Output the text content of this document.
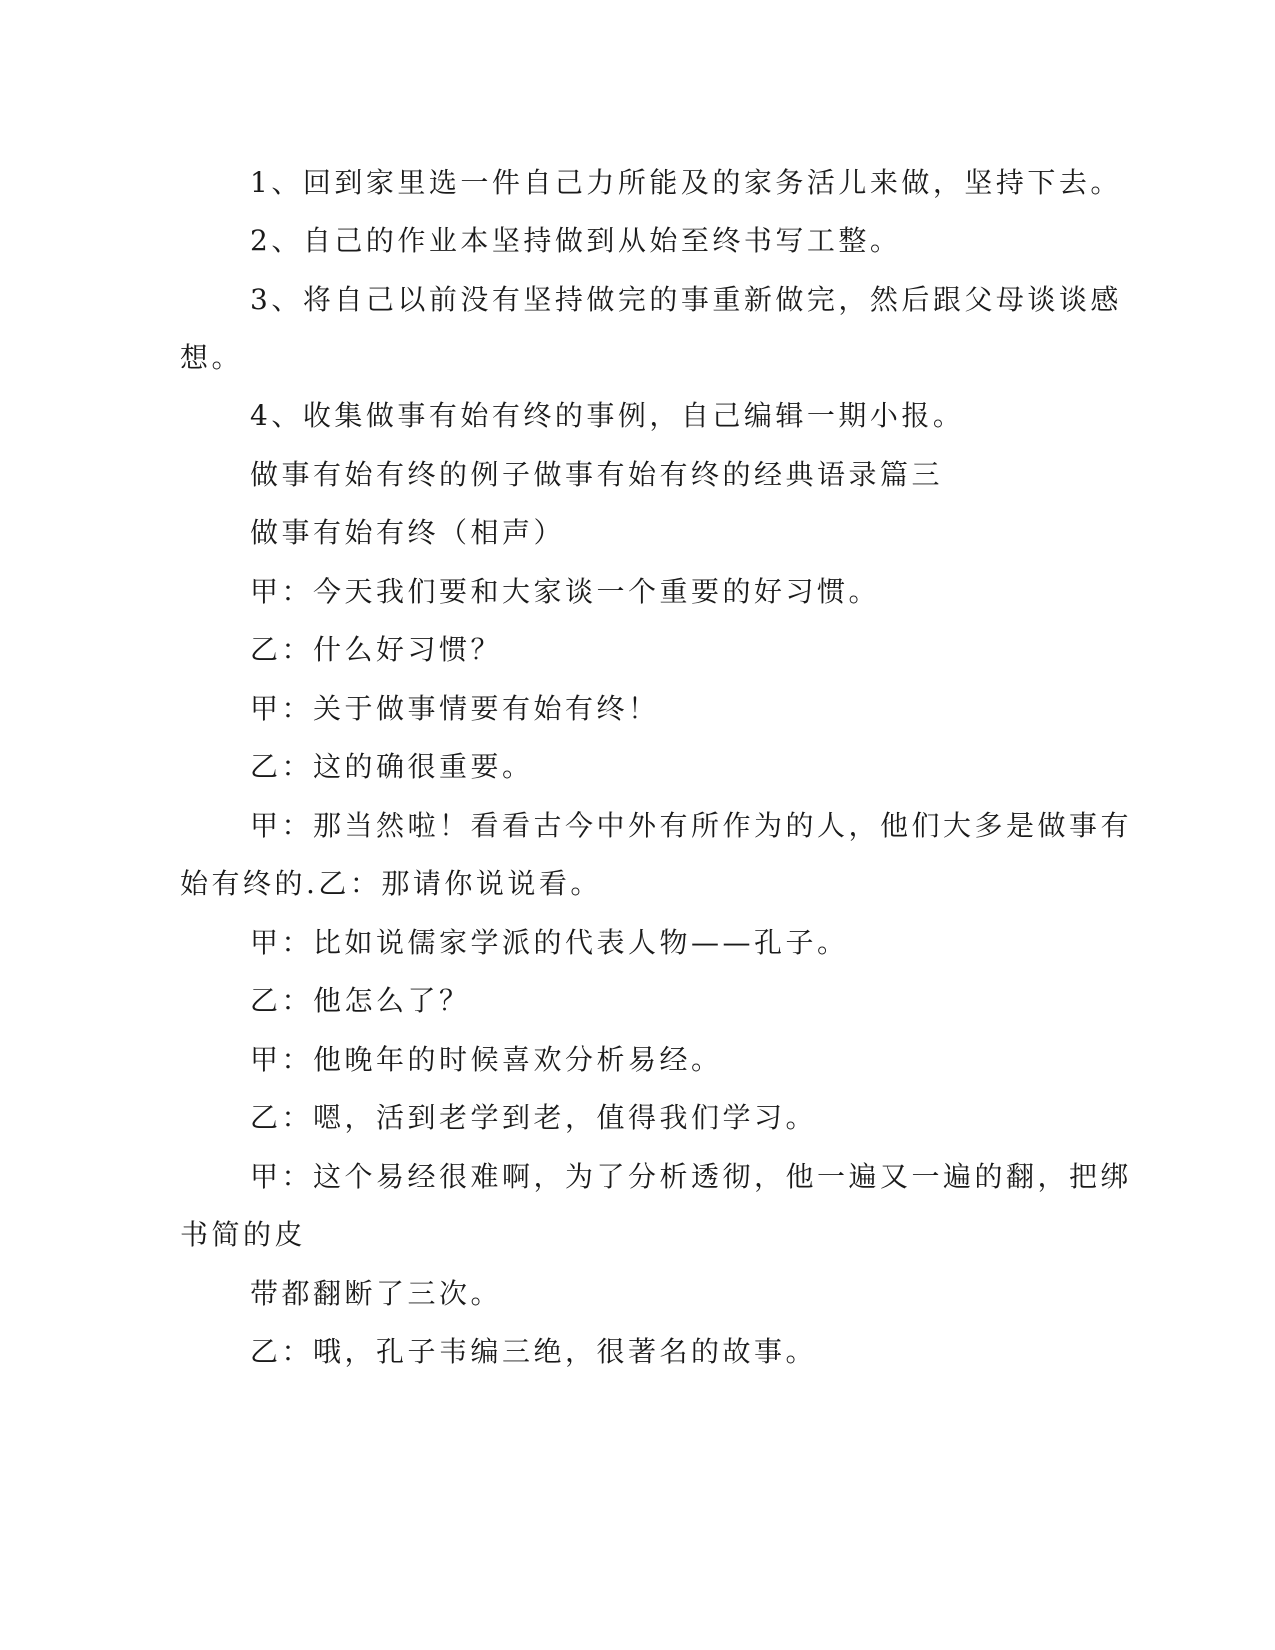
1、回到家里选一件自己力所能及的家务活儿来做，坚持下去。
2、自己的作业本坚持做到从始至终书写工整。
3、将自己以前没有坚持做完的事重新做完，然后跟父母谈谈感
想。
4、收集做事有始有终的事例，自己编辑一期小报。
做事有始有终的例子做事有始有终的经典语录篇三
做事有始有终（相声）
甲：今天我们要和大家谈一个重要的好习惯。
乙：什么好习惯？
甲：关于做事情要有始有终！
乙：这的确很重要。
甲：那当然啦！看看古今中外有所作为的人，他们大多是做事有
始有终的.乙：那请你说说看。
甲：比如说儒家学派的代表人物——孔子。
乙：他怎么了？
甲：他晚年的时候喜欢分析易经。
乙：嗯，活到老学到老，值得我们学习。
甲：这个易经很难啊，为了分析透彻，他一遍又一遍的翻，把绑
书简的皮
带都翻断了三次。
乙：哦，孔子韦编三绝，很著名的故事。
